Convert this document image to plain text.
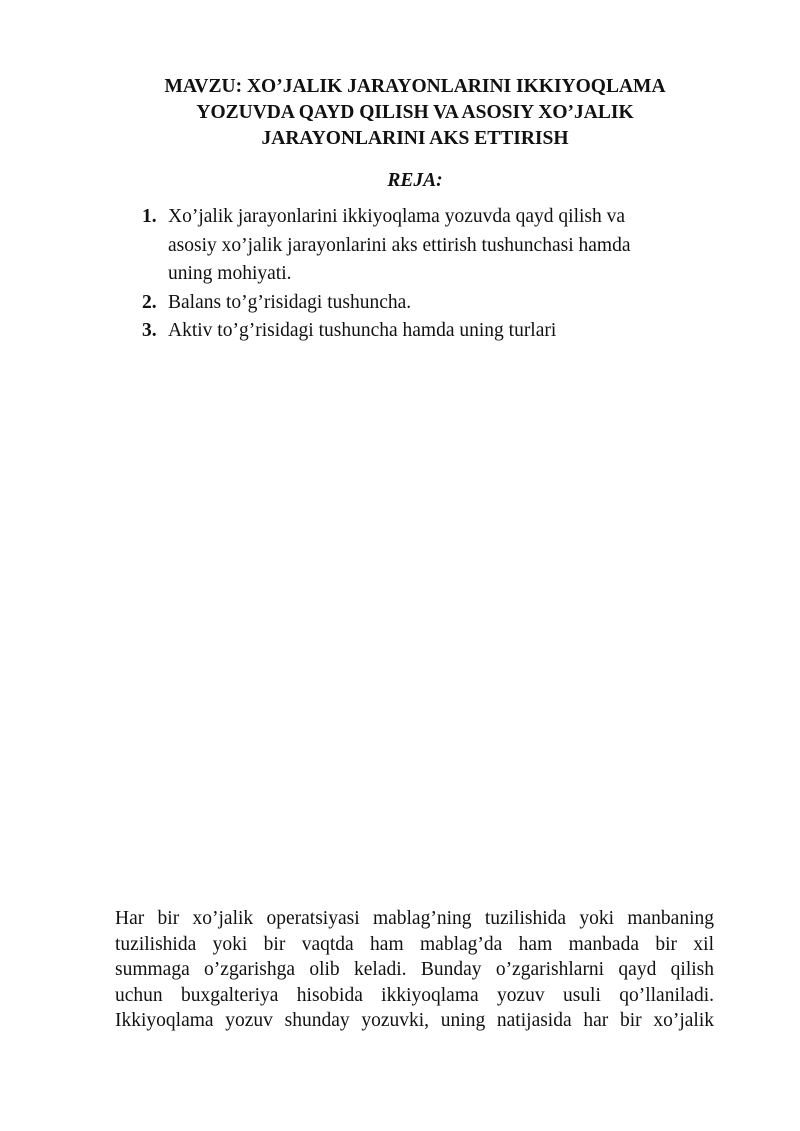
MAVZU: XO’JALIK JARAYONLARINI IKKIYOQLAMA
YOZUVDA QAYD QILISH VA ASOSIY XO’JALIK
JARAYONLARINI AKS ETTIRISH
REJA:
1. Xo’jalik jarayonlarini ikkiyoqlama yozuvda qayd qilish va
asosiy xo’jalik jarayonlarini aks ettirish tushunchasi hamda
uning mohiyati.
2. Balans to’g’risidagi tushuncha.
3. Aktiv to’g’risidagi tushuncha hamda uning turlari

Har bir xo’jalik operatsiyasi mablag’ning tuzilishida yoki manbaning
tuzilishida yoki bir vaqtda ham mablag’da ham manbada bir xil
summaga o’zgarishga olib keladi. Bunday o’zgarishlarni qayd qilish
uchun buxgalteriya hisobida ikkiyoqlama yozuv usuli qo’llaniladi.
Ikkiyoqlama yozuv shunday yozuvki, uning natijasida har bir xo’jalik
